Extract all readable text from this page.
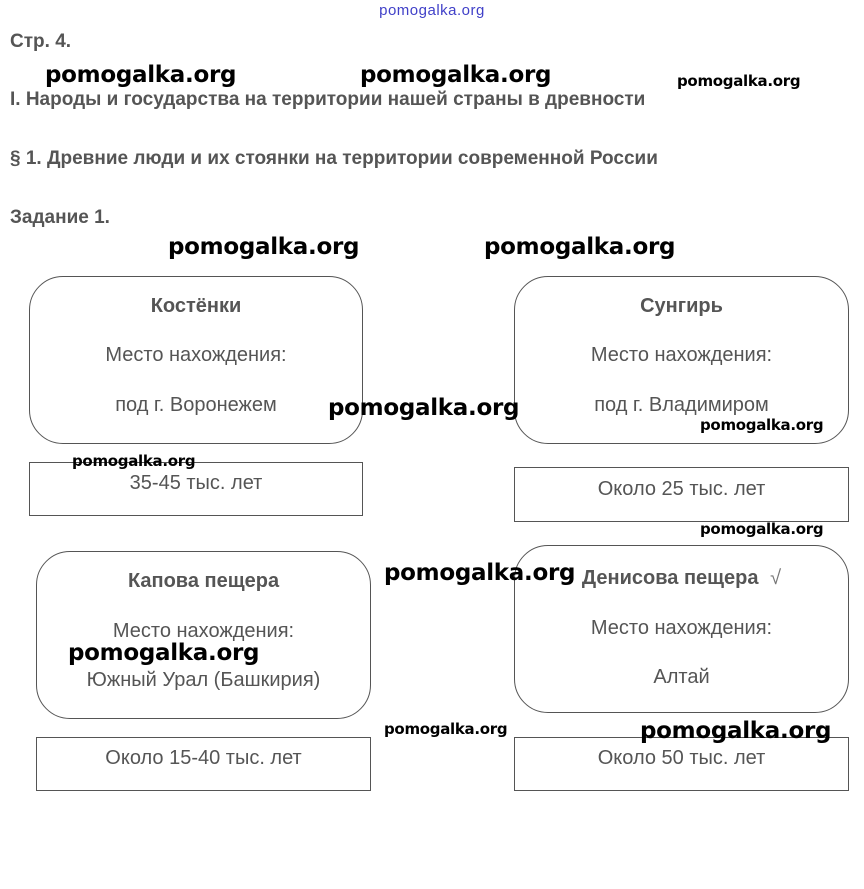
pomogalka.org
Стр. 4.
I. Народы и государства на территории нашей страны в древности
§ 1. Древние люди и их стоянки на территории современной России
Задание 1.
Костёнки
Место нахождения:
под г. Воронежем
35-45 тыс. лет
Сунгирь
Место нахождения:
под г. Владимиром
Около 25 тыс. лет
Капова пещера
Место нахождения:
Южный Урал (Башкирия)
Около 15-40 тыс. лет
Денисова пещера √
Место нахождения:
Алтай
Около 50 тыс. лет
pomogalka.org	pomogalka.org	pomogalka.org
pomogalka.org	pomogalka.org
pomogalka.org
pomogalka.org
pomogalka.org
pomogalka.org
pomogalka.org
pomogalka.org
pomogalka.org	pomogalka.org
